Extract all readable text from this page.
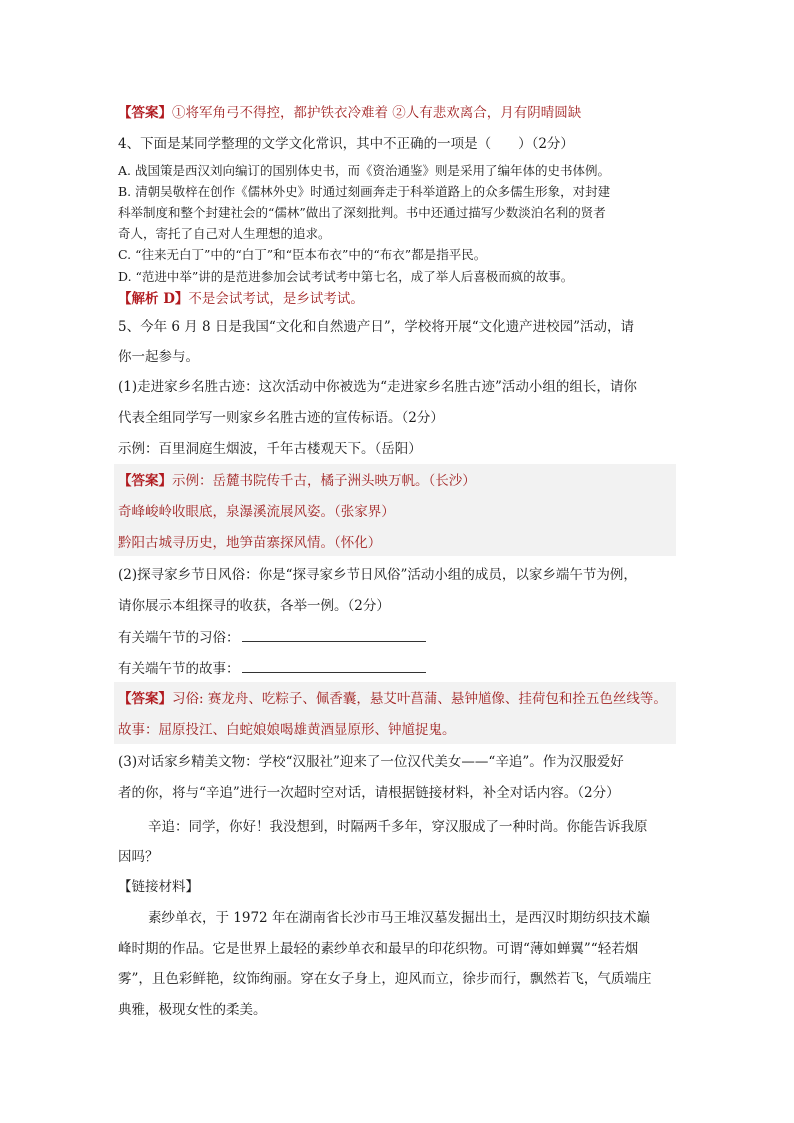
【答案】①将军角弓不得控，都护铁衣冷难着 ②人有悲欢离合，月有阴晴圆缺
4、下面是某同学整理的文学文化常识，其中不正确的一项是（　　）（2分）
A. 战国策是西汉刘向编订的国别体史书，而《资治通鉴》则是采用了编年体的史书体例。
B. 清朝吴敬梓在创作《儒林外史》时通过刻画奔走于科举道路上的众多儒生形象，对封建
科举制度和整个封建社会的“儒林”做出了深刻批判。书中还通过描写少数淡泊名利的贤者
奇人，寄托了自己对人生理想的追求。
C. “往来无白丁”中的“白丁”和“臣本布衣”中的“布衣”都是指平民。
D. “范进中举”讲的是范进参加会试考试考中第七名，成了举人后喜极而疯的故事。
【解析 D】不是会试考试，是乡试考试。
5、今年 6 月 8 日是我国“文化和自然遗产日”，学校将开展“文化遗产进校园”活动，请
你一起参与。
(1)走进家乡名胜古迹：这次活动中你被选为“走进家乡名胜古迹”活动小组的组长，请你
代表全组同学写一则家乡名胜古迹的宣传标语。（2分）
示例：百里洞庭生烟波，千年古楼观天下。（岳阳）
【答案】示例：岳麓书院传千古，橘子洲头映万帆。（长沙）
奇峰峻岭收眼底，泉瀑溪流展风姿。（张家界）
黔阳古城寻历史，地笋苗寨探风情。（怀化）
(2)探寻家乡节日风俗：你是“探寻家乡节日风俗”活动小组的成员，以家乡端午节为例，
请你展示本组探寻的收获，各举一例。（2分）
有关端午节的习俗：
有关端午节的故事：
【答案】习俗: 赛龙舟、吃粽子、佩香囊，悬艾叶菖蒲、悬钟馗像、挂荷包和拴五色丝线等。
故事：屈原投江、白蛇娘娘喝雄黄酒显原形、钟馗捉鬼。
(3)对话家乡精美文物：学校“汉服社”迎来了一位汉代美女——“辛追”。作为汉服爱好
者的你，将与“辛追”进行一次超时空对话，请根据链接材料，补全对话内容。（2分）
辛追：同学，你好！我没想到，时隔两千多年，穿汉服成了一种时尚。你能告诉我原
因吗？
【链接材料】
素纱单衣，于 1972 年在湖南省长沙市马王堆汉墓发掘出土，是西汉时期纺织技术巅
峰时期的作品。它是世界上最轻的素纱单衣和最早的印花织物。可谓“薄如蝉翼”“轻若烟
雾”，且色彩鲜艳，纹饰绚丽。穿在女子身上，迎风而立，徐步而行，飘然若飞，气质端庄
典雅，极现女性的柔美。
